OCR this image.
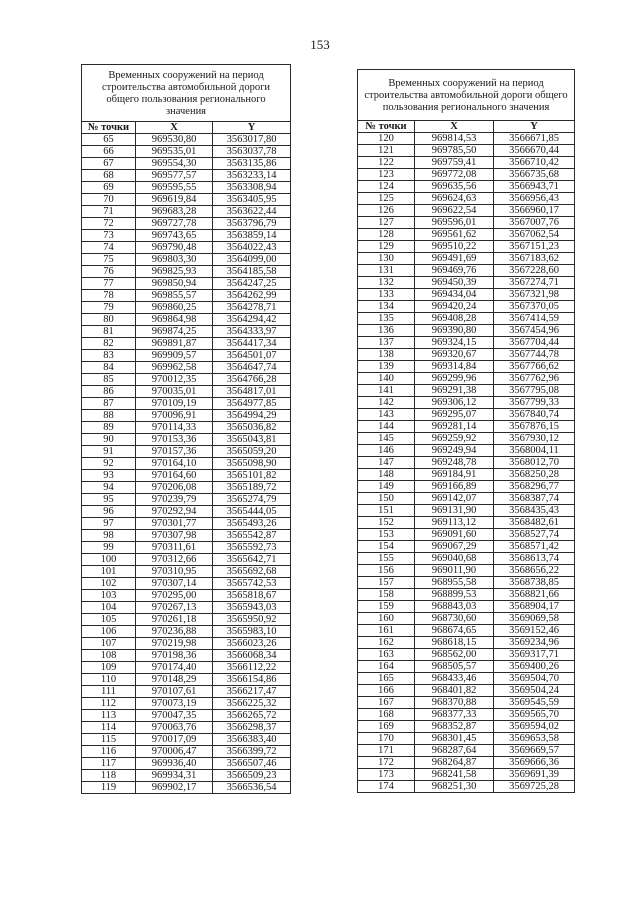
153
Временных сооружений на период строительства автомобильной дороги общего пользования регионального значения		
№ точки	X	Y
65	969530,80	3563017,80
66	969535,01	3563037,78
67	969554,30	3563135,86
68	969577,57	3563233,14
69	969595,55	3563308,94
70	969619,84	3563405,95
71	969683,28	3563622,44
72	969727,78	3563796,79
73	969743,65	3563859,14
74	969790,48	3564022,43
75	969803,30	3564099,00
76	969825,93	3564185,58
77	969850,94	3564247,25
78	969855,57	3564262,99
79	969860,25	3564278,71
80	969864,98	3564294,42
81	969874,25	3564333,97
82	969891,87	3564417,34
83	969909,57	3564501,07
84	969962,58	3564647,74
85	970012,35	3564766,28
86	970035,01	3564817,01
87	970109,19	3564977,85
88	970096,91	3564994,29
89	970114,33	3565036,82
90	970153,36	3565043,81
91	970157,36	3565059,20
92	970164,10	3565098,90
93	970164,60	3565101,82
94	970206,08	3565189,72
95	970239,79	3565274,79
96	970292,94	3565444,05
97	970301,77	3565493,26
98	970307,98	3565542,87
99	970311,61	3565592,73
100	970312,66	3565642,71
101	970310,95	3565692,68
102	970307,14	3565742,53
103	970295,00	3565818,67
104	970267,13	3565943,03
105	970261,18	3565950,92
106	970236,88	3565983,10
107	970219,98	3566023,26
108	970198,36	3566068,34
109	970174,40	3566112,22
110	970148,29	3566154,86
111	970107,61	3566217,47
112	970073,19	3566225,32
113	970047,35	3566265,72
114	970063,76	3566298,37
115	970017,09	3566383,40
116	970006,47	3566399,72
117	969936,40	3566507,46
118	969934,31	3566509,23
119	969902,17	3566536,54
Временных сооружений на период строительства автомобильной дороги общего пользования регионального значения		
№ точки	X	Y
120	969814,53	3566671,85
121	969785,50	3566670,44
122	969759,41	3566710,42
123	969772,08	3566735,68
124	969635,56	3566943,71
125	969624,63	3566956,43
126	969622,54	3566960,17
127	969596,01	3567007,76
128	969561,62	3567062,54
129	969510,22	3567151,23
130	969491,69	3567183,62
131	969469,76	3567228,60
132	969450,39	3567274,71
133	969434,04	3567321,98
134	969420,24	3567370,05
135	969408,28	3567414,59
136	969390,80	3567454,96
137	969324,15	3567704,44
138	969320,67	3567744,78
139	969314,84	3567766,62
140	969299,96	3567762,96
141	969291,38	3567795,08
142	969306,12	3567799,33
143	969295,07	3567840,74
144	969281,14	3567876,15
145	969259,92	3567930,12
146	969249,94	3568004,11
147	969248,78	3568012,70
148	969184,91	3568250,28
149	969166,89	3568296,77
150	969142,07	3568387,74
151	969131,90	3568435,43
152	969113,12	3568482,61
153	969091,60	3568527,74
154	969067,29	3568571,42
155	969040,68	3568613,74
156	969011,90	3568656,22
157	968955,58	3568738,85
158	968899,53	3568821,66
159	968843,03	3568904,17
160	968730,60	3569069,58
161	968674,65	3569152,46
162	968618,15	3569234,96
163	968562,00	3569317,71
164	968505,57	3569400,26
165	968433,46	3569504,70
166	968401,82	3569504,24
167	968370,88	3569545,59
168	968377,33	3569565,70
169	968352,87	3569594,02
170	968301,45	3569653,58
171	968287,64	3569669,57
172	968264,87	3569666,36
173	968241,58	3569691,39
174	968251,30	3569725,28
